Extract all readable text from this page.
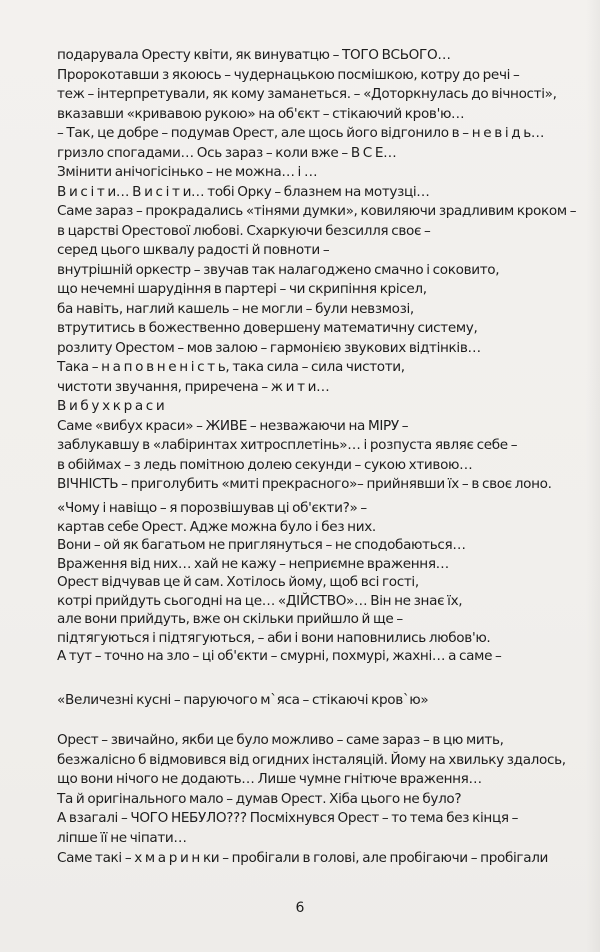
подарувала Оресту квіти, як винуватцю – ТОГО ВСЬОГО…
Пророкотавши з якоюсь – чудернацькою посмішкою, котру до речі –
теж – інтерпретували, як кому заманеться. – «Доторкнулась до вічності»,
вказавши «кривавою рукою» на об'єкт – стікаючий кров'ю…
– Так, це добре – подумав Орест, але щось його відгонило в – н е в і д ь…
гризло спогадами… Ось зараз – коли вже – В С Е…
Змінити анічогісінько – не можна… і …
В и с і т и… В и с і т и… тобі Орку – блазнем на мотузці…
Саме зараз – прокрадались «тінями думки», ковиляючи зрадливим кроком –
в царстві Орестової любові. Схаркуючи безсилля своє –
серед цього шквалу радості й повноти –
внутрішній оркестр – звучав так налагоджено смачно і соковито,
що нечемні шарудіння в партері – чи скрипіння крісел,
ба навіть, наглий кашель – не могли – були невзмозі,
втрутитись в божественно довершену математичну систему,
розлиту Орестом – мов залою – гармонією звукових відтінків…
Така – н а п о в н е н і с т ь, така сила – сила чистоти,
чистоти звучання, приречена – ж и т и…
В и б у х к р а с и
Саме «вибух краси» – ЖИВЕ – незважаючи на МІРУ –
заблукавшу в «лабіринтах хитросплетінь»… і розпуста являє себе –
в обіймах – з ледь помітною долею секунди – сукою хтивою…
ВІЧНІСТЬ – приголубить «миті прекрасного»– прийнявши їх – в своє лоно.
«Чому і навіщо – я порозвішував ці об'єкти?» –
картав себе Орест. Адже можна було і без них.
Вони – ой як багатьом не приглянуться – не сподобаються…
Враження від них… хай не кажу – неприємне враження…
Орест відчував це й сам. Хотілось йому, щоб всі гості,
котрі прийдуть сьогодні на це… «ДІЙСТВО»… Він не знає їх,
але вони прийдуть, вже он скільки прийшло й ще –
підтягуються і підтягуються, – аби і вони наповнились любов'ю.
А тут – точно на зло – ці об'єкти – смурні, похмурі, жахні… а саме –
«Величезні кусні – паруючого м`яса – стікаючі кров`ю»
Орест – звичайно, якби це було можливо – саме зараз – в цю мить,
безжалісно б відмовився від огидних інсталяцій. Йому на хвильку здалось,
що вони нічого не додають… Лише чумне гнітюче враження…
Та й оригінального мало – думав Орест. Хіба цього не було?
А взагалі – ЧОГО НЕБУЛО??? Посміхнувся Орест – то тема без кінця –
ліпше її не чіпати…
Саме такі – х м а р и н ки – пробігали в голові, але пробігаючи – пробігали
6
